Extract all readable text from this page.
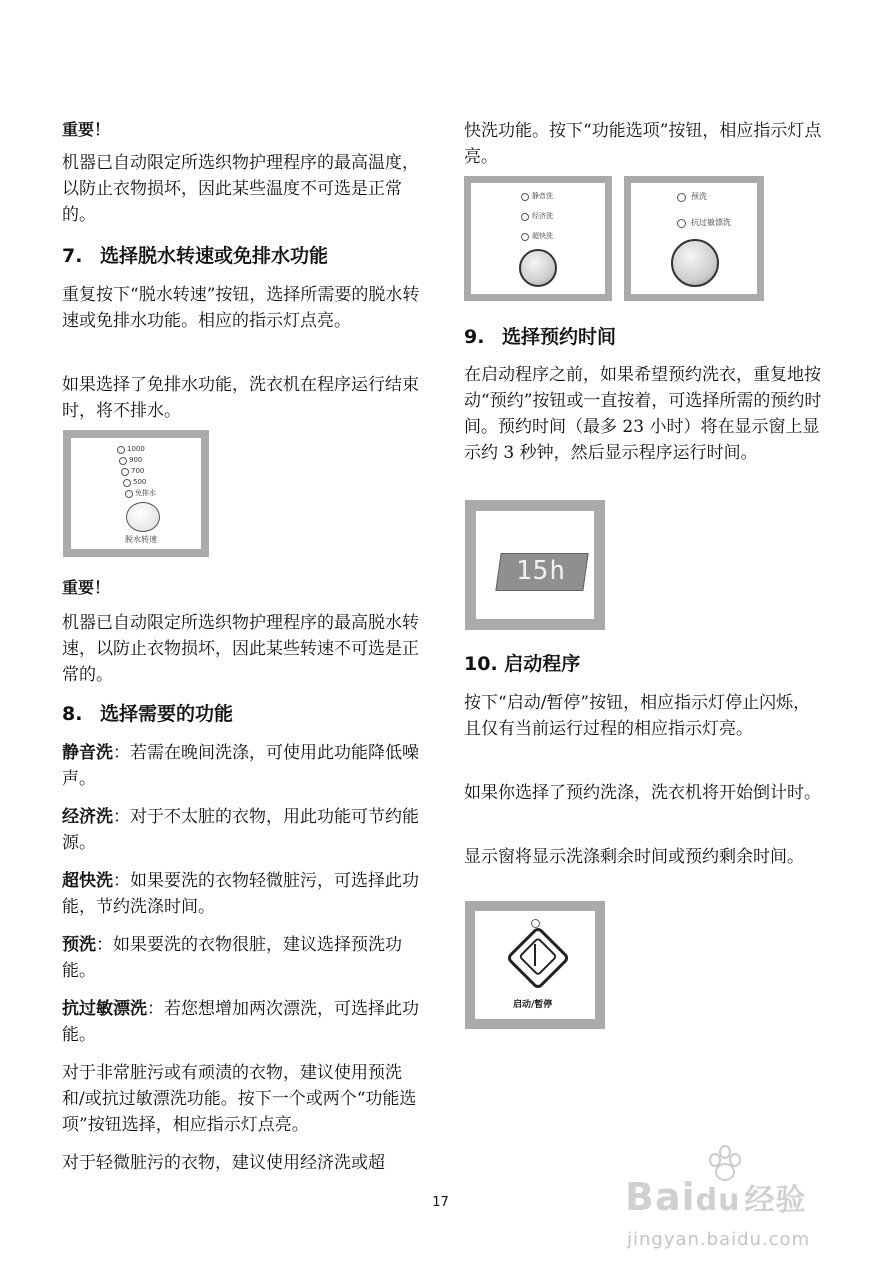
重要！

机器已自动限定所选织物护理程序的最高温度，以防止衣物损坏，因此某些温度不可选是正常的。

7. 选择脱水转速或免排水功能

重复按下“脱水转速”按钮，选择所需要的脱水转速或免排水功能。相应的指示灯点亮。

如果选择了免排水功能，洗衣机在程序运行结束时，将不排水。

1000
900
700
500
免排水
脱水转速
重要！

机器已自动限定所选织物护理程序的最高脱水转速，以防止衣物损坏，因此某些转速不可选是正常的。

8. 选择需要的功能

静音洗：若需在晚间洗涤，可使用此功能降低噪声。

经济洗：对于不太脏的衣物，用此功能可节约能源。

超快洗：如果要洗的衣物轻微脏污，可选择此功能，节约洗涤时间。

预洗：如果要洗的衣物很脏，建议选择预洗功能。

抗过敏漂洗：若您想增加两次漂洗，可选择此功能。

对于非常脏污或有顽渍的衣物，建议使用预洗和/或抗过敏漂洗功能。按下一个或两个“功能选项”按钮选择，相应指示灯点亮。

对于轻微脏污的衣物，建议使用经济洗或超

快洗功能。按下“功能选项”按钮，相应指示灯点亮。

静音洗
经济洗
超快洗
预洗
抗过敏漂洗
9. 选择预约时间

在启动程序之前，如果希望预约洗衣，重复地按动“预约”按钮或一直按着，可选择所需的预约时间。预约时间（最多 23 小时）将在显示窗上显示约 3 秒钟，然后显示程序运行时间。

15h
10. 启动程序

按下“启动/暂停”按钮，相应指示灯停止闪烁，且仅有当前运行过程的相应指示灯亮。

如果你选择了预约洗涤，洗衣机将开始倒计时。

显示窗将显示洗涤剩余时间或预约剩余时间。

启动/暂停
17	Baidu 经验
jingyan.baidu.com
